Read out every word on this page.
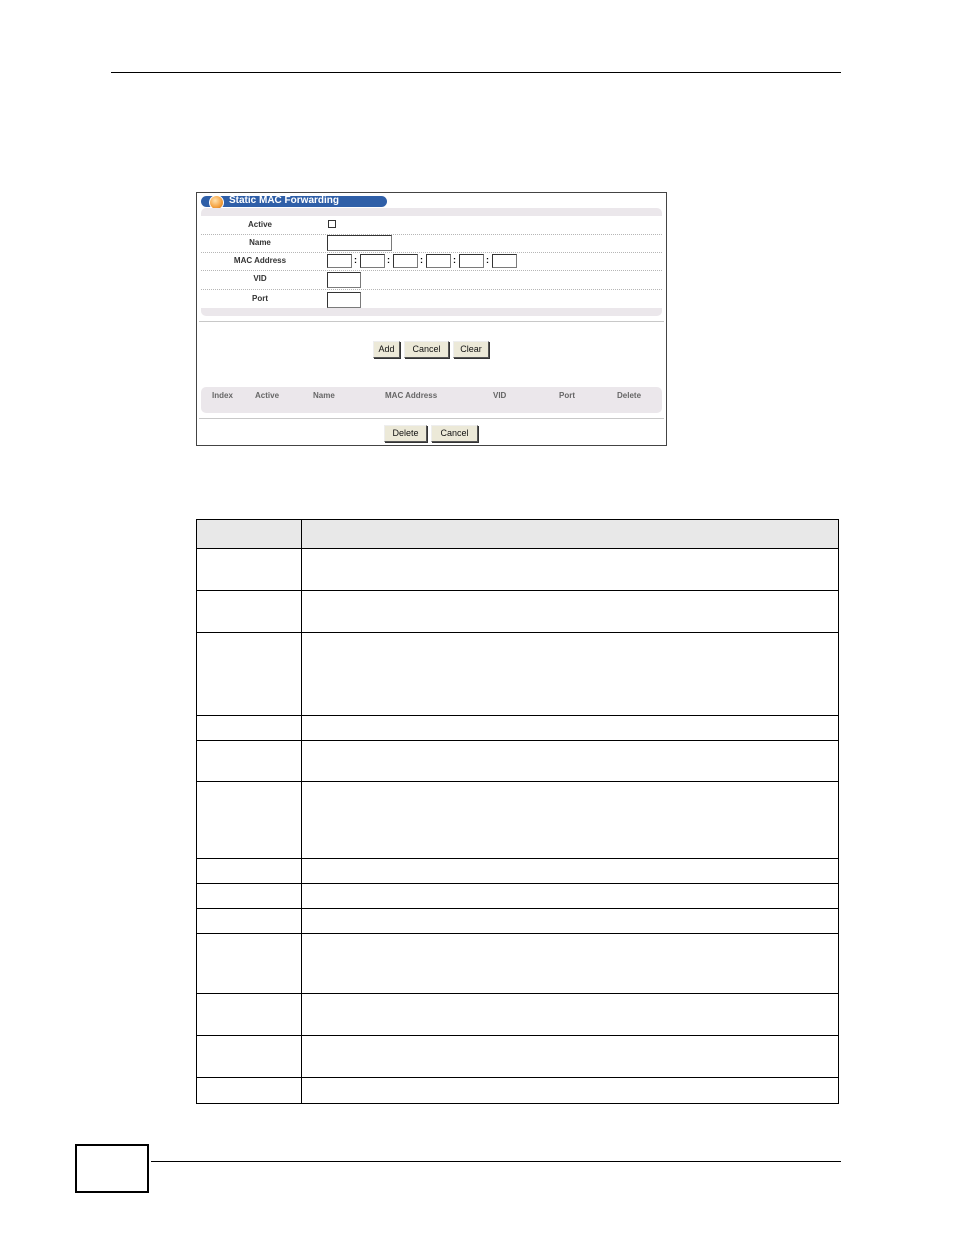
Static MAC Forwarding
Active
Name
MAC Address	:	:	:	:	:
VID
Port
Add	Cancel	Clear
Index	Active	Name	MAC Address	VID	Port	Delete
Delete	Cancel
